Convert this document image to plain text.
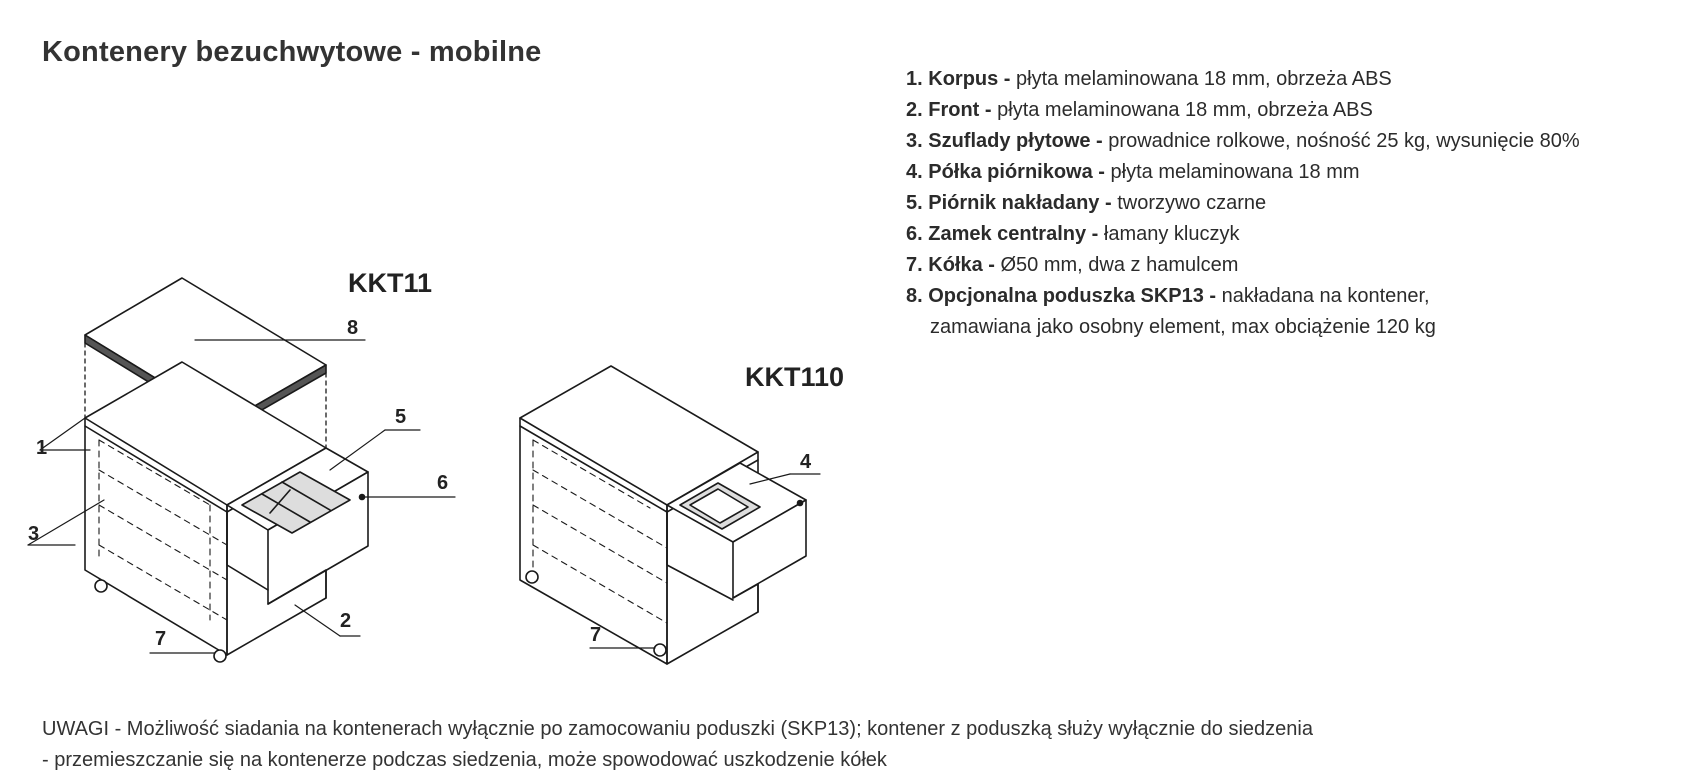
Kontenery bezuchwytowe - mobilne
1. Korpus - płyta melaminowana 18 mm, obrzeża ABS
2. Front - płyta melaminowana 18 mm, obrzeża ABS
3. Szuflady płytowe - prowadnice rolkowe, nośność 25 kg, wysunięcie 80%
4. Półka piórnikowa - płyta melaminowana 18 mm
5. Piórnik nakładany - tworzywo czarne
6. Zamek centralny - łamany kluczyk
7. Kółka - Ø50 mm, dwa z hamulcem
8. Opcjonalna poduszka SKP13 - nakładana na kontener,
zamawiana jako osobny element, max obciążenie 120 kg
KKT11
KKT110
1
2
3
4
5
6
7	7
8
UWAGI - Możliwość siadania na kontenerach wyłącznie po zamocowaniu poduszki (SKP13); kontener z poduszką służy wyłącznie do siedzenia
- przemieszczanie się na kontenerze podczas siedzenia, może spowodować uszkodzenie kółek
